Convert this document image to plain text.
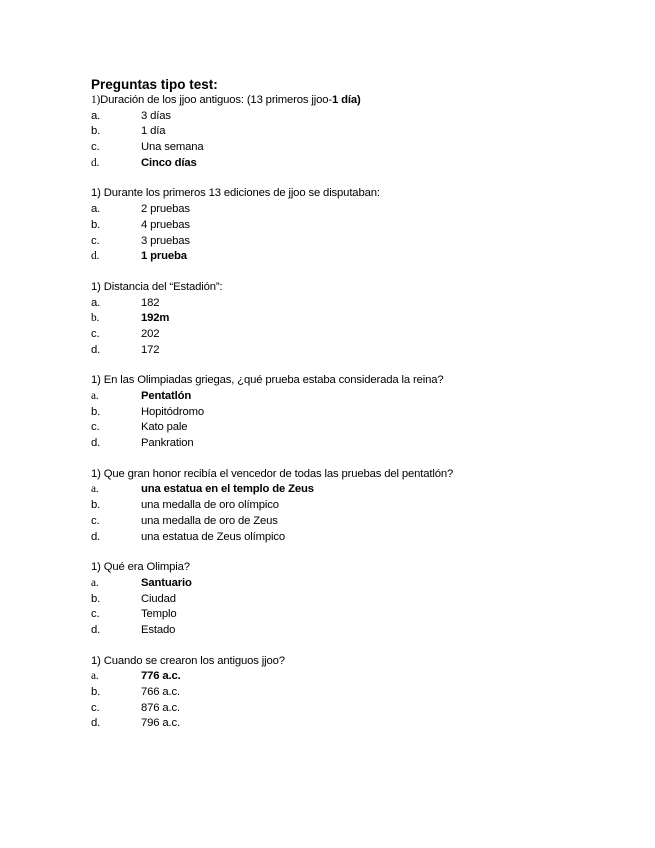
Preguntas tipo test:
1)Duración de los jjoo antiguos: (13 primeros jjoo-1 día)
a.	3 días
b.	1 día
c.	Una semana
d.	Cinco días
1) Durante los primeros 13 ediciones de jjoo se disputaban:
a.	2 pruebas
b.	4 pruebas
c.	3 pruebas
d.	1 prueba
1) Distancia del “Estadión”:
a.	182
b.	192m
c.	202
d.	172
1) En las Olimpiadas griegas, ¿qué prueba estaba considerada la reina?
a.	Pentatlón
b.	Hopitódromo
c.	Kato pale
d.	Pankration
1) Que gran honor recibía el vencedor de todas las pruebas del pentatlón?
a.	una estatua en el templo de Zeus
b.	una medalla de oro olímpico
c.	una medalla de oro de Zeus
d.	una estatua de Zeus olímpico
1) Qué era Olimpia?
a.	Santuario
b.	Ciudad
c.	Templo
d.	Estado
1) Cuando se crearon los antiguos jjoo?
a.	776 a.c.
b.	766 a.c.
c.	876 a.c.
d.	796 a.c.
